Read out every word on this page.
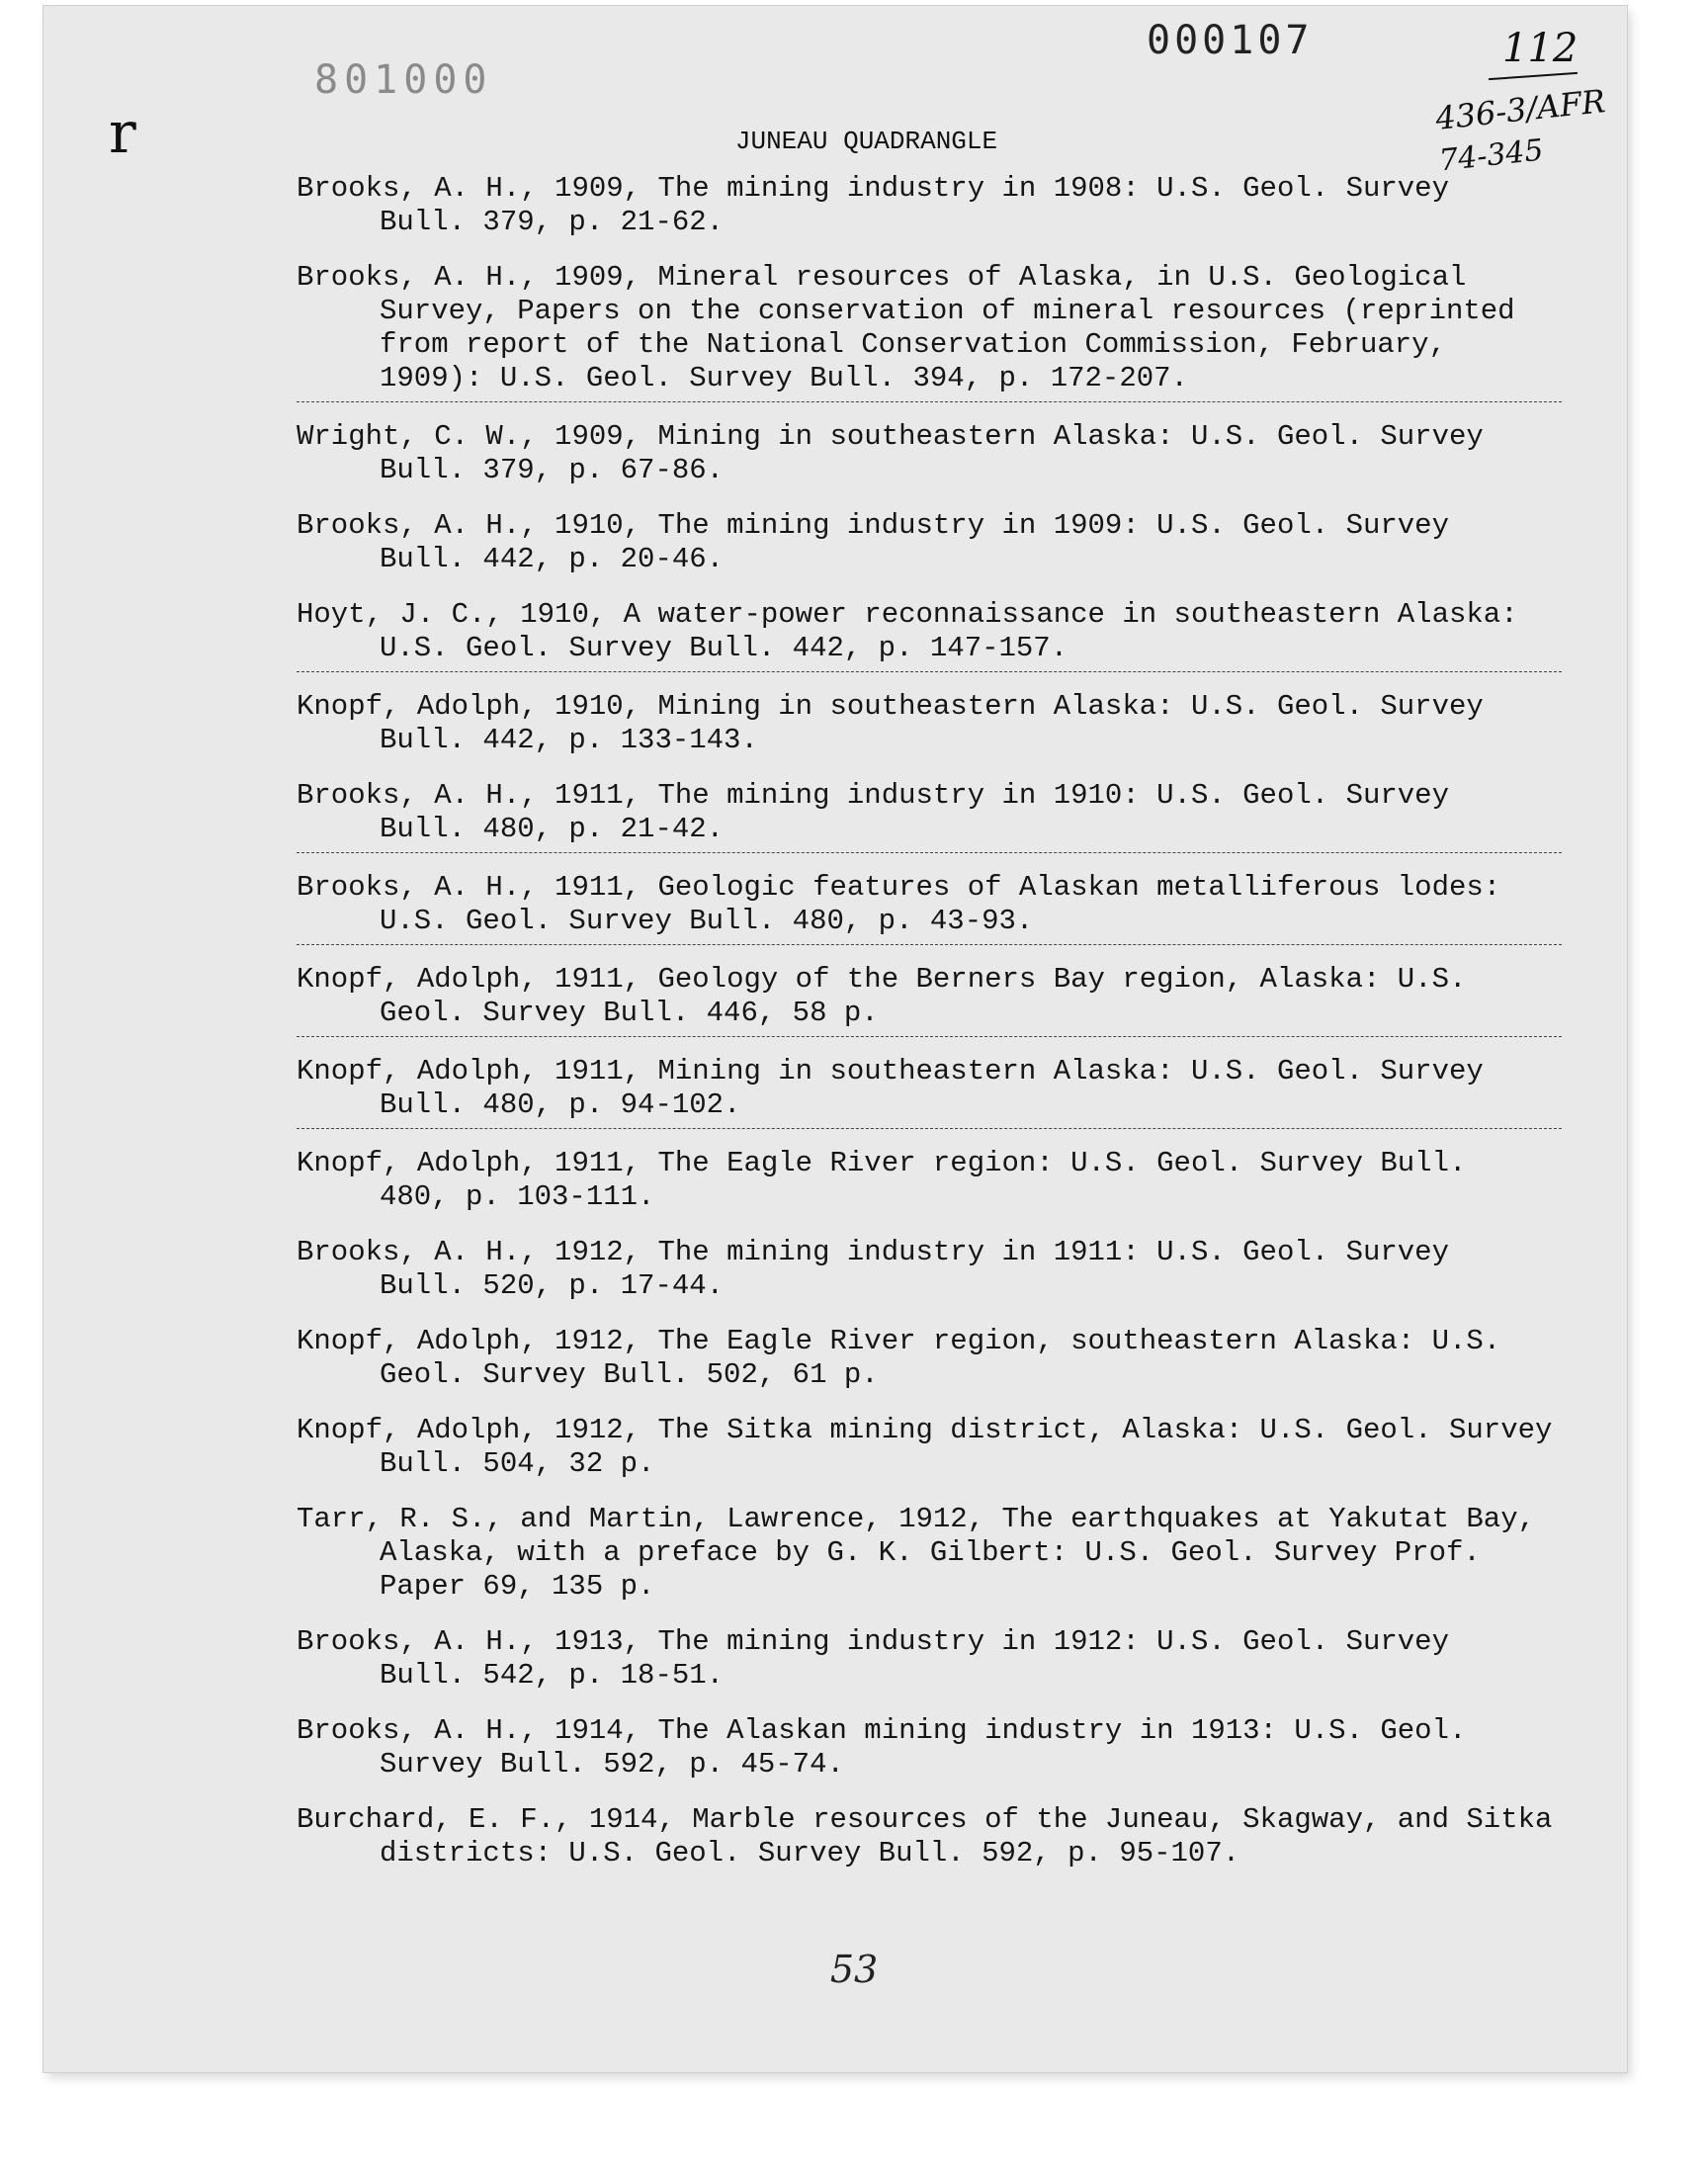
801000
000107	112
436-3/AFR
74-345
r	JUNEAU QUADRANGLE
Brooks, A. H., 1909, The mining industry in 1908: U.S. Geol. Survey
Bull. 379, p. 21-62.
Brooks, A. H., 1909, Mineral resources of Alaska, in U.S. Geological
Survey, Papers on the conservation of mineral resources (reprinted
from report of the National Conservation Commission, February,
1909): U.S. Geol. Survey Bull. 394, p. 172-207.
Wright, C. W., 1909, Mining in southeastern Alaska: U.S. Geol. Survey
Bull. 379, p. 67-86.
Brooks, A. H., 1910, The mining industry in 1909: U.S. Geol. Survey
Bull. 442, p. 20-46.
Hoyt, J. C., 1910, A water-power reconnaissance in southeastern Alaska:
U.S. Geol. Survey Bull. 442, p. 147-157.
Knopf, Adolph, 1910, Mining in southeastern Alaska: U.S. Geol. Survey
Bull. 442, p. 133-143.
Brooks, A. H., 1911, The mining industry in 1910: U.S. Geol. Survey
Bull. 480, p. 21-42.
Brooks, A. H., 1911, Geologic features of Alaskan metalliferous lodes:
U.S. Geol. Survey Bull. 480, p. 43-93.
Knopf, Adolph, 1911, Geology of the Berners Bay region, Alaska: U.S.
Geol. Survey Bull. 446, 58 p.
Knopf, Adolph, 1911, Mining in southeastern Alaska: U.S. Geol. Survey
Bull. 480, p. 94-102.
Knopf, Adolph, 1911, The Eagle River region: U.S. Geol. Survey Bull.
480, p. 103-111.
Brooks, A. H., 1912, The mining industry in 1911: U.S. Geol. Survey
Bull. 520, p. 17-44.
Knopf, Adolph, 1912, The Eagle River region, southeastern Alaska: U.S.
Geol. Survey Bull. 502, 61 p.
Knopf, Adolph, 1912, The Sitka mining district, Alaska: U.S. Geol. Survey
Bull. 504, 32 p.
Tarr, R. S., and Martin, Lawrence, 1912, The earthquakes at Yakutat Bay,
Alaska, with a preface by G. K. Gilbert: U.S. Geol. Survey Prof.
Paper 69, 135 p.
Brooks, A. H., 1913, The mining industry in 1912: U.S. Geol. Survey
Bull. 542, p. 18-51.
Brooks, A. H., 1914, The Alaskan mining industry in 1913: U.S. Geol.
Survey Bull. 592, p. 45-74.
Burchard, E. F., 1914, Marble resources of the Juneau, Skagway, and Sitka
districts: U.S. Geol. Survey Bull. 592, p. 95-107.
53
